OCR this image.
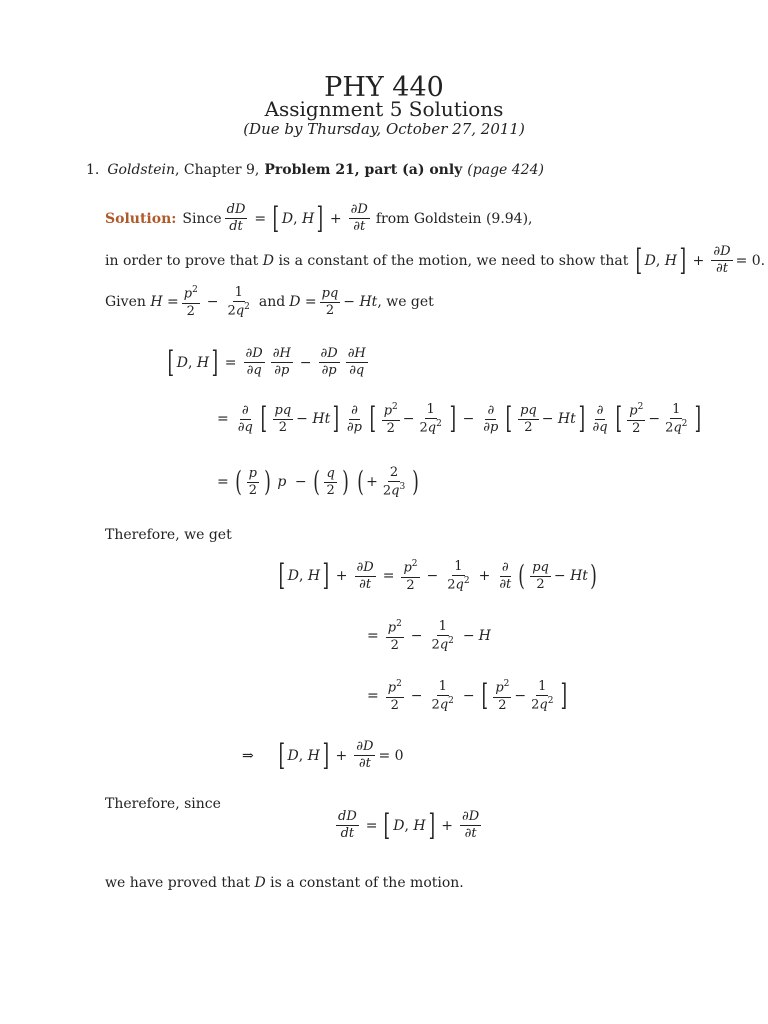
PHY 440
Assignment 5 Solutions
(Due by Thursday, October 27, 2011)
1. Goldstein , Chapter 9, Problem 21, part (a) only (page 424)
Solution: Since $\frac{dD}{dt}$ = [ D , H ] + $\frac{\partial D}{\partial t}$ from Goldstein (9.94),
in order to prove that
D
is a constant of the motion, we need to show that
[ D , H ] + $\frac{\partial D}{\partial t} = 0$.
Given
$H = \frac{p^2}{2} - \frac{1}{2q^2}$ and $D = \frac{pq}{2} - Ht$ , we get
[ D , H ] = $\frac{\partial D}{\partial q} \frac{\partial H}{\partial p} - \frac{\partial D}{\partial p} \frac{\partial H}{\partial q}$
= $\frac{\partial}{\partial q}$ [ $\frac{pq}{2} - Ht$ ] $\frac{\partial}{\partial p}$ [ $\frac{p^2}{2} - \frac{1}{2q^2}$ ] − $\frac{\partial}{\partial p}$ [ $\frac{pq}{2} - Ht$ ] $\frac{\partial}{\partial q}$ [ $\frac{p^2}{2} - \frac{1}{2q^2}$ ]
= ( $\frac{p}{2}$ )
p
− ( $\frac{q}{2}$ )
( + $\frac{2}{2q^3}$ )
Therefore, we get
[ D , H ] + $\frac{\partial D}{\partial t} = \frac{p^2}{2} - \frac{1}{2q^2} + \frac{\partial}{\partial t}$ ( $\frac{pq}{2} - Ht$ )
= $\frac{p^2}{2} - \frac{1}{2q^2} - H$
= $\frac{p^2}{2} - \frac{1}{2q^2}$ − [ $\frac{p^2}{2} - \frac{1}{2q^2}$ ]
⇒ [ D , H ] + $\frac{\partial D}{\partial t} = 0$
Therefore, since
$\frac{dD}{dt}$ = [ D , H ] + $\frac{\partial D}{\partial t}$
we have proved that
D
is a constant of the motion.
